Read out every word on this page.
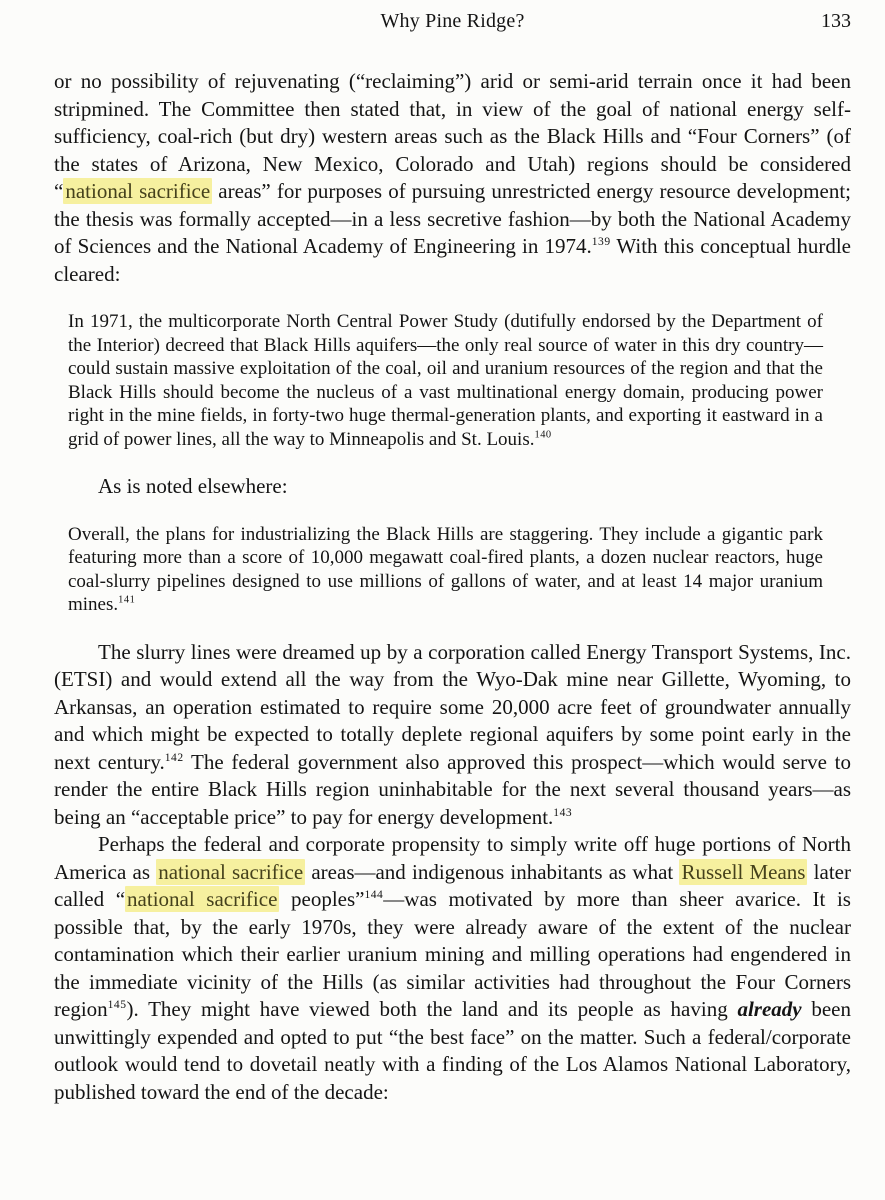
Why Pine Ridge?	133

or no possibility of rejuvenating (“reclaiming”) arid or semi-arid terrain once it had been stripmined. The Committee then stated that, in view of the goal of national energy self-sufficiency, coal-rich (but dry) western areas such as the Black Hills and “Four Corners” (of the states of Arizona, New Mexico, Colorado and Utah) regions should be considered “national sacrifice areas” for purposes of pursuing unrestricted energy resource development; the thesis was formally accepted—in a less secretive fashion—by both the National Academy of Sciences and the National Academy of Engineering in 1974.$^{139}$ With this conceptual hurdle cleared:

In 1971, the multicorporate North Central Power Study (dutifully endorsed by the Department of the Interior) decreed that Black Hills aquifers—the only real source of water in this dry country—could sustain massive exploitation of the coal, oil and uranium resources of the region and that the Black Hills should become the nucleus of a vast multinational energy domain, producing power right in the mine fields, in forty-two huge thermal-generation plants, and exporting it eastward in a grid of power lines, all the way to Minneapolis and St. Louis.$^{140}$

As is noted elsewhere:

Overall, the plans for industrializing the Black Hills are staggering. They include a gigantic park featuring more than a score of 10,000 megawatt coal-fired plants, a dozen nuclear reactors, huge coal-slurry pipelines designed to use millions of gallons of water, and at least 14 major uranium mines.$^{141}$

The slurry lines were dreamed up by a corporation called Energy Transport Systems, Inc. (ETSI) and would extend all the way from the Wyo-Dak mine near Gillette, Wyoming, to Arkansas, an operation estimated to require some 20,000 acre feet of groundwater annually and which might be expected to totally deplete regional aquifers by some point early in the next century.$^{142}$ The federal government also approved this prospect—which would serve to render the entire Black Hills region uninhabitable for the next several thousand years—as being an “acceptable price” to pay for energy development.$^{143}$

Perhaps the federal and corporate propensity to simply write off huge portions of North America as national sacrifice areas—and indigenous inhabitants as what Russell Means later called “national sacrifice peoples”$^{144}$—was motivated by more than sheer avarice. It is possible that, by the early 1970s, they were already aware of the extent of the nuclear contamination which their earlier uranium mining and milling operations had engendered in the immediate vicinity of the Hills (as similar activities had throughout the Four Corners region$^{145}$). They might have viewed both the land and its people as having already been unwittingly expended and opted to put “the best face” on the matter. Such a federal/corporate outlook would tend to dovetail neatly with a finding of the Los Alamos National Laboratory, published toward the end of the decade:
